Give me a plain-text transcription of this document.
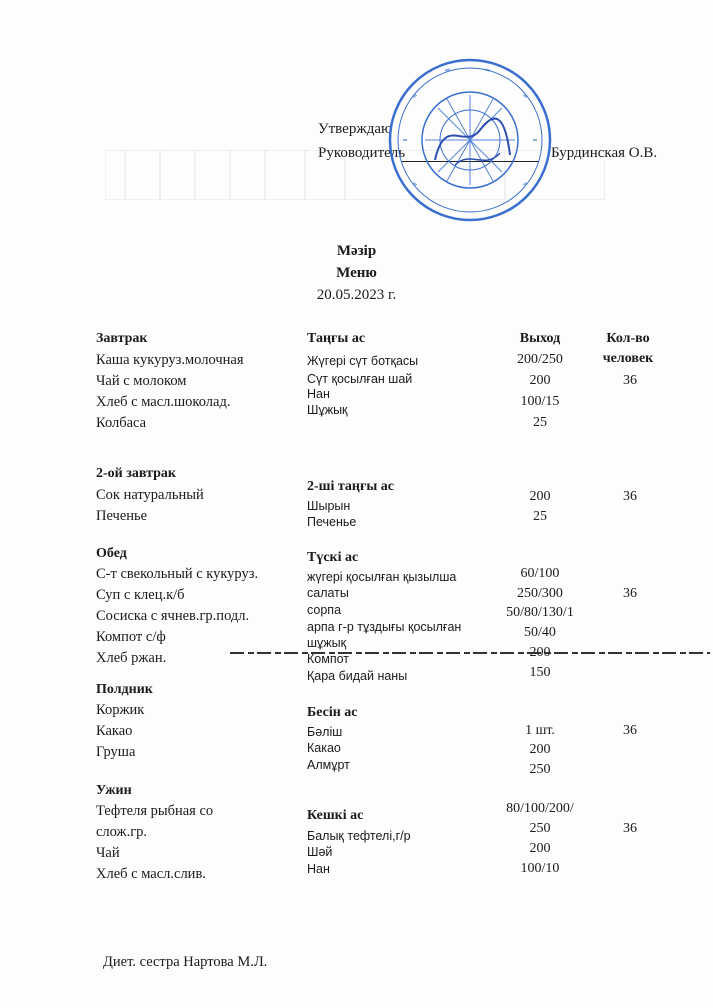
Утверждаю
Руководитель	Бурдинская О.В.
Мәзір
Меню
20.05.2023 г.
Выход	Кол-во
человек
Завтрак
Каша кукуруз.молочная
Чай с молоком
Хлеб с масл.шоколад.
Колбаса
Таңғы ас
Жүгері сүт ботқасы
Сүт қосылған шай
Нан
Шұжық
200/250
200
100/15
25
36
2-ой завтрак
Сок натуральный
Печенье
2-ші таңғы ас
Шырын
Печенье
200
25
36
Обед
С-т свекольный с кукуруз.
Суп с клец.к/б
Сосиска с ячнев.гр.подл.
Компот с/ф
Хлеб ржан.
Түскі ас
жүгері қосылған қызылша
салаты
сорпа
арпа г-р тұздығы қосылған
шұжық
Компот
Қара бидай наны
60/100
250/300
50/80/130/1
50/40
200
150
36
Полдник
Коржик
Какао
Груша
Бесін ас
Бәліш
Какао
Алмұрт
1 шт.
200
250
36
Ужин
Тефтеля рыбная со
слож.гр.
Чай
Хлеб с масл.слив.
Кешкі ас
Балық тефтелі,г/р
Шәй
Нан
80/100/200/
250
200
100/10
36
Диет. сестра Нартова М.Л.
